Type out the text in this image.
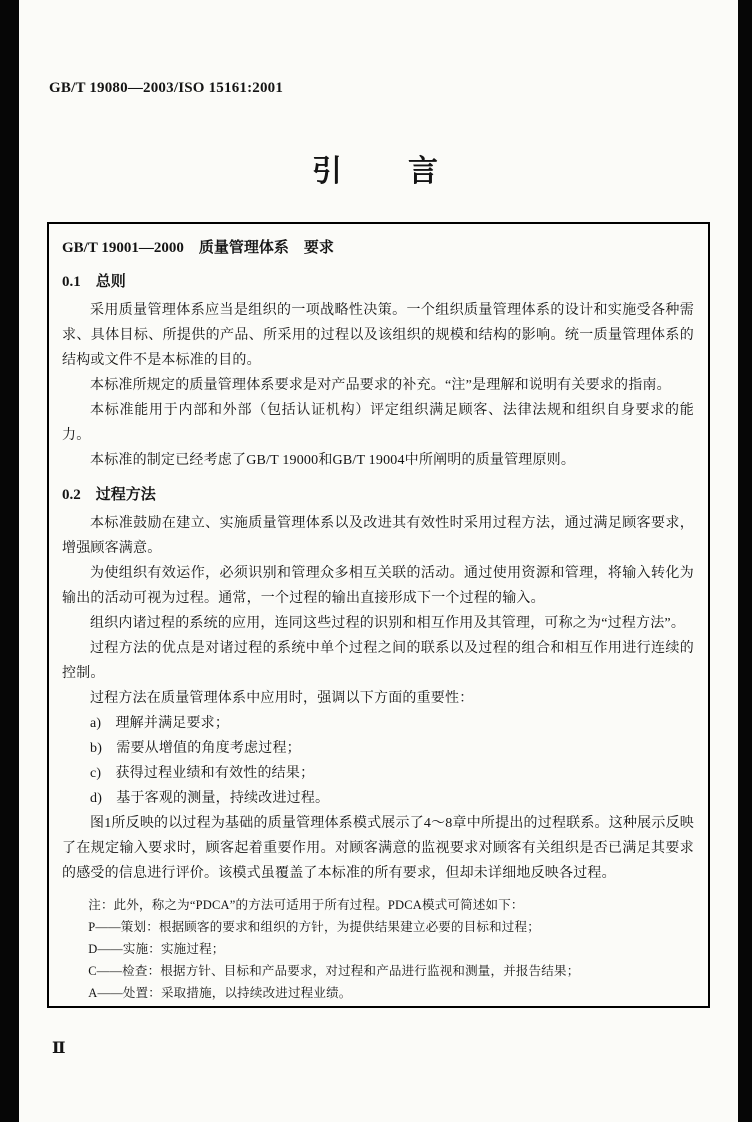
GB/T 19080—2003/ISO 15161:2001
引　　言
GB/T 19001—2000　质量管理体系　要求
0.1　总则

采用质量管理体系应当是组织的一项战略性决策。一个组织质量管理体系的设计和实施受各种需求、具体目标、所提供的产品、所采用的过程以及该组织的规模和结构的影响。统一质量管理体系的结构或文件不是本标准的目的。

本标准所规定的质量管理体系要求是对产品要求的补充。“注”是理解和说明有关要求的指南。

本标准能用于内部和外部（包括认证机构）评定组织满足顾客、法律法规和组织自身要求的能力。

本标准的制定已经考虑了GB/T 19000和GB/T 19004中所阐明的质量管理原则。

0.2　过程方法

本标准鼓励在建立、实施质量管理体系以及改进其有效性时采用过程方法，通过满足顾客要求，增强顾客满意。

为使组织有效运作，必须识别和管理众多相互关联的活动。通过使用资源和管理，将输入转化为输出的活动可视为过程。通常，一个过程的输出直接形成下一个过程的输入。

组织内诸过程的系统的应用，连同这些过程的识别和相互作用及其管理，可称之为“过程方法”。

过程方法的优点是对诸过程的系统中单个过程之间的联系以及过程的组合和相互作用进行连续的控制。

过程方法在质量管理体系中应用时，强调以下方面的重要性：

a)　理解并满足要求；

b)　需要从增值的角度考虑过程；

c)　获得过程业绩和有效性的结果；

d)　基于客观的测量，持续改进过程。

图1所反映的以过程为基础的质量管理体系模式展示了4～8章中所提出的过程联系。这种展示反映了在规定输入要求时，顾客起着重要作用。对顾客满意的监视要求对顾客有关组织是否已满足其要求的感受的信息进行评价。该模式虽覆盖了本标准的所有要求，但却未详细地反映各过程。

注：此外，称之为“PDCA”的方法可适用于所有过程。PDCA模式可简述如下：

P——策划：根据顾客的要求和组织的方针，为提供结果建立必要的目标和过程；

D——实施：实施过程；

C——检查：根据方针、目标和产品要求，对过程和产品进行监视和测量，并报告结果；

A——处置：采取措施，以持续改进过程业绩。

Ⅱ
